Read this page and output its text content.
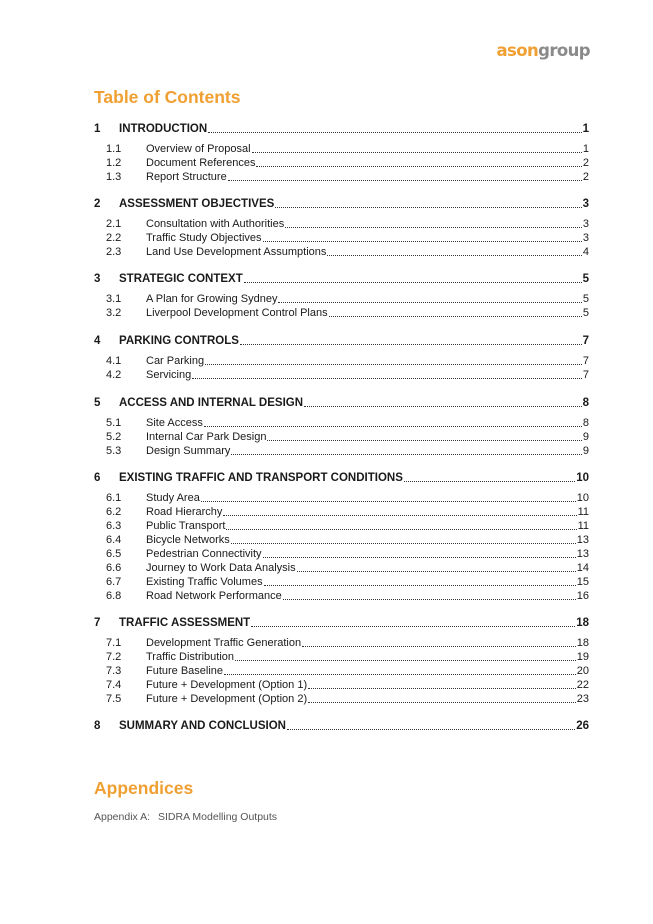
asongroup
Table of Contents
1	INTRODUCTION	1
1.1	Overview of Proposal	1
1.2	Document References	2
1.3	Report Structure	2
2	ASSESSMENT OBJECTIVES	3
2.1	Consultation with Authorities	3
2.2	Traffic Study Objectives	3
2.3	Land Use Development Assumptions	4
3	STRATEGIC CONTEXT	5
3.1	A Plan for Growing Sydney	5
3.2	Liverpool Development Control Plans	5
4	PARKING CONTROLS	7
4.1	Car Parking	7
4.2	Servicing	7
5	ACCESS AND INTERNAL DESIGN	8
5.1	Site Access	8
5.2	Internal Car Park Design	9
5.3	Design Summary	9
6	EXISTING TRAFFIC AND TRANSPORT CONDITIONS	10
6.1	Study Area	10
6.2	Road Hierarchy	11
6.3	Public Transport	11
6.4	Bicycle Networks	13
6.5	Pedestrian Connectivity	13
6.6	Journey to Work Data Analysis	14
6.7	Existing Traffic Volumes	15
6.8	Road Network Performance	16
7	TRAFFIC ASSESSMENT	18
7.1	Development Traffic Generation	18
7.2	Traffic Distribution	19
7.3	Future Baseline	20
7.4	Future + Development (Option 1)	22
7.5	Future + Development (Option 2)	23
8	SUMMARY AND CONCLUSION	26
Appendices
Appendix A: SIDRA Modelling Outputs
